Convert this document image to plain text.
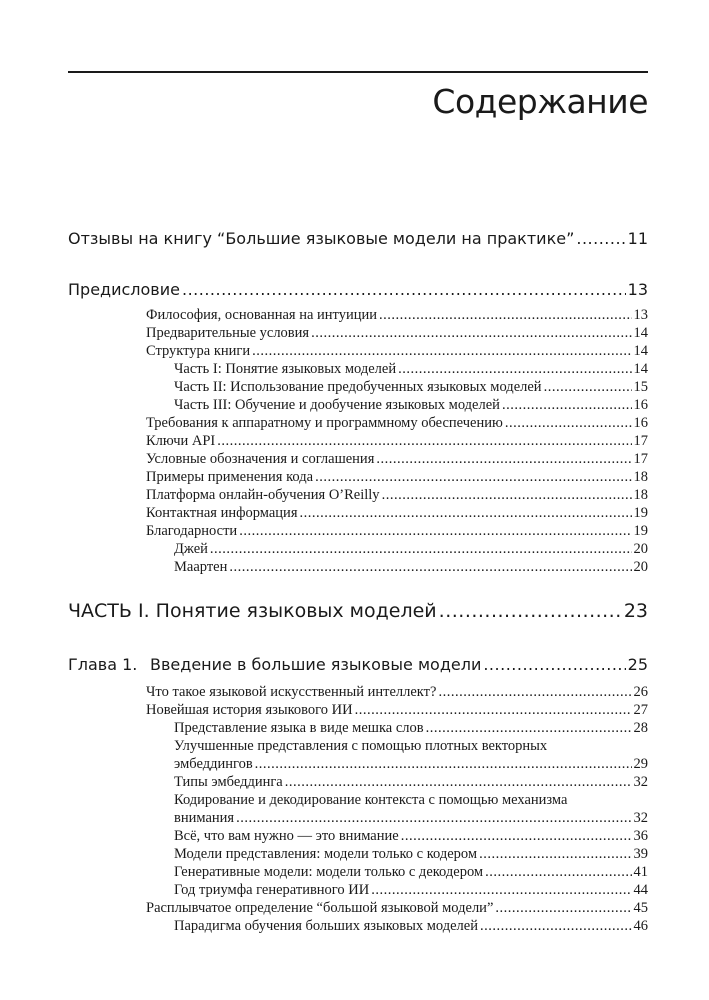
Содержание
Отзывы на книгу “Большие языковые модели на практике” .....	11
Предисловие .....	13
Философия, основанная на интуиции .....	13
Предварительные условия .....	14
Структура книги .....	14
Часть I: Понятие языковых моделей .....	14
Часть II: Использование предобученных языковых моделей .....	15
Часть III: Обучение и дообучение языковых моделей .....	16
Требования к аппаратному и программному обеспечению .....	16
Ключи API .....	17
Условные обозначения и соглашения .....	17
Примеры применения кода .....	18
Платформа онлайн-обучения O’Reilly .....	18
Контактная информация .....	19
Благодарности .....	19
Джей .....	20
Маартен .....	20
ЧАСТЬ I. Понятие языковых моделей .....	23
Глава 1. Введение в большие языковые модели .....	25
Что такое языковой искусственный интеллект? .....	26
Новейшая история языкового ИИ .....	27
Представление языка в виде мешка слов .....	28
Улучшенные представления с помощью плотных векторных
эмбеддингов .....	29
Типы эмбеддинга .....	32
Кодирование и декодирование контекста с помощью механизма
внимания .....	32
Всё, что вам нужно — это внимание .....	36
Модели представления: модели только с кодером .....	39
Генеративные модели: модели только с декодером .....	41
Год триумфа генеративного ИИ .....	44
Расплывчатое определение “большой языковой модели” .....	45
Парадигма обучения больших языковых моделей .....	46
